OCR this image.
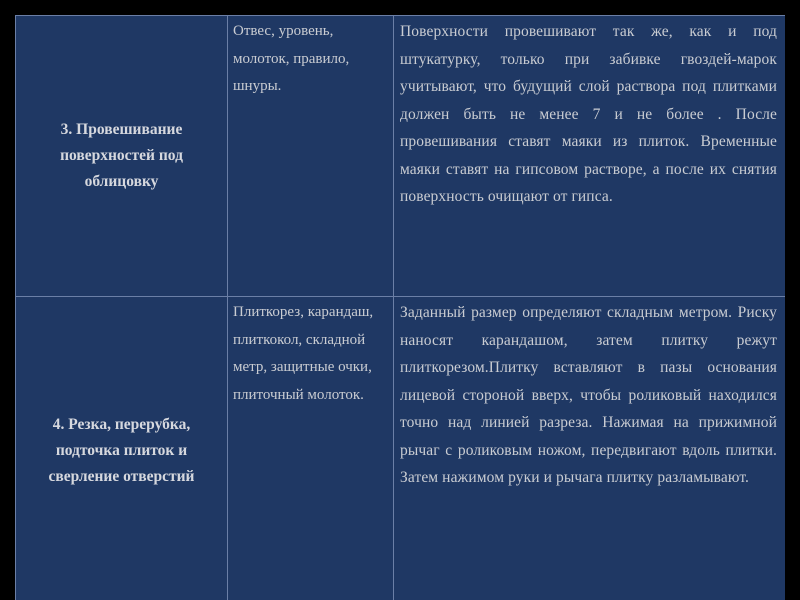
3. Провешивание поверхностей под облицовку	Отвес, уровень, молоток, правило, шнуры.	Поверхности провешивают так же, как и под штукатурку, только при забивке гвоздей-марок учитывают, что будущий слой раствора под плитками должен быть не менее 7 и не более . После провешивания ставят маяки из плиток. Временные маяки ставят на гипсовом растворе, а после их снятия поверхность очищают от гипса.

4. Резка, перерубка, подточка плиток и сверление отверстий	Плиткорез, карандаш, плиткокол, складной метр, защитные очки, плиточный молоток.	Заданный размер определяют складным метром. Риску наносят карандашом, затем плитку режут плиткорезом.Плитку вставляют в пазы основания лицевой стороной вверх, чтобы роликовый находился точно над линией разреза. Нажимая на прижимной рычаг с роликовым ножом, передвигают вдоль плитки. Затем нажимом руки и рычага плитку разламывают.
